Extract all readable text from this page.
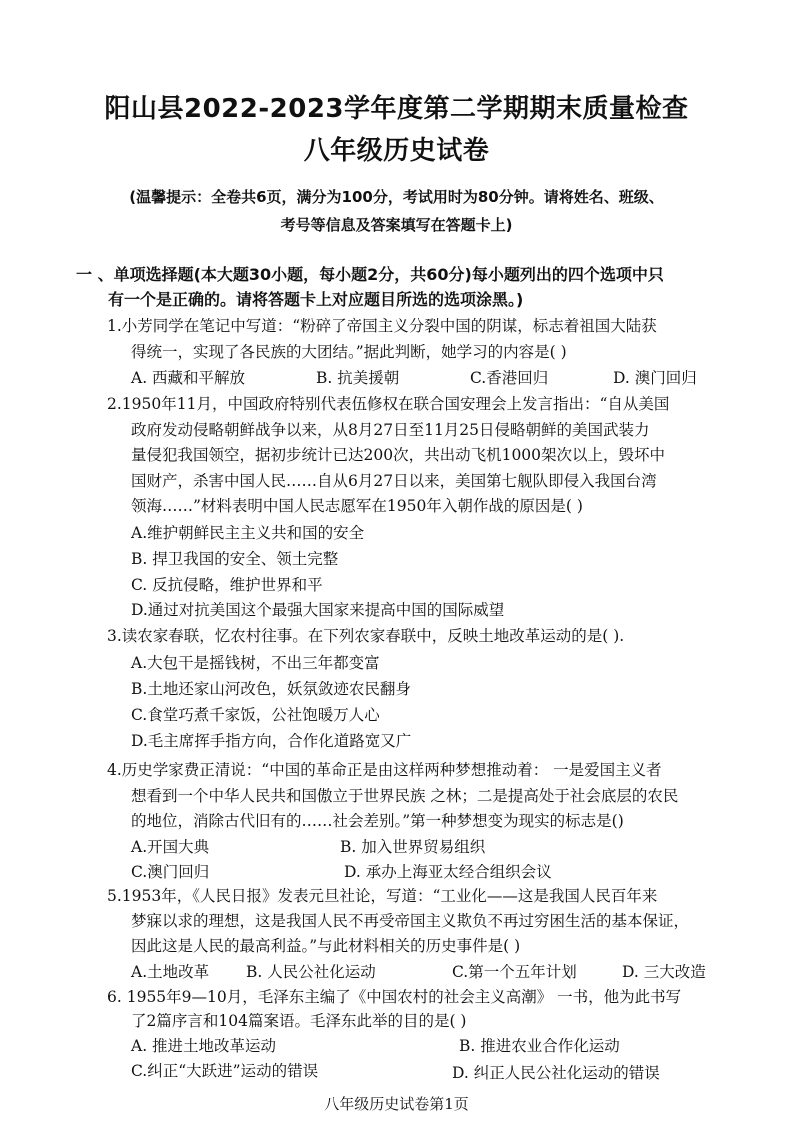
阳山县2022-2023学年度第二学期期末质量检查
八年级历史试卷
(温馨提示：全卷共6页，满分为100分，考试用时为80分钟。请将姓名、班级、
考号等信息及答案填写在答题卡上)
一 、单项选择题(本大题30小题，每小题2分，共60分)每小题列出的四个选项中只
有一个是正确的。请将答题卡上对应题目所选的选项涂黑。)
1.小芳同学在笔记中写道：“粉碎了帝国主义分裂中国的阴谋，标志着祖国大陆获
得统一，实现了各民族的大团结。”据此判断，她学习的内容是( )
A. 西藏和平解放	B. 抗美援朝	C.香港回归	D. 澳门回归
2.1950年11月，中国政府特别代表伍修权在联合国安理会上发言指出：“自从美国
政府发动侵略朝鲜战争以来，从8月27日至11月25日侵略朝鲜的美国武装力
量侵犯我国领空，据初步统计已达200次，共出动飞机1000架次以上，毁坏中
国财产，杀害中国人民……自从6月27日以来，美国第七舰队即侵入我国台湾
领海……”材料表明中国人民志愿军在1950年入朝作战的原因是( )
A.维护朝鲜民主主义共和国的安全
B. 捍卫我国的安全、领土完整
C. 反抗侵略，维护世界和平
D.通过对抗美国这个最强大国家来提高中国的国际威望
3.读农家春联，忆农村往事。在下列农家春联中，反映土地改革运动的是( ).
A.大包干是摇钱树，不出三年都变富
B.土地还家山河改色，妖氛敛迹农民翻身
C.食堂巧煮千家饭，公社饱暖万人心
D.毛主席挥手指方向，合作化道路宽又广
4.历史学家费正清说：“中国的革命正是由这样两种梦想推动着： 一是爱国主义者
想看到一个中华人民共和国傲立于世界民族 之林；二是提高处于社会底层的农民
的地位，消除古代旧有的……社会差别。”第一种梦想变为现实的标志是()
A.开国大典	B. 加入世界贸易组织
C.澳门回归	D. 承办上海亚太经合组织会议
5.1953年，《人民日报》发表元旦社论，写道：“工业化——这是我国人民百年来
梦寐以求的理想，这是我国人民不再受帝国主义欺负不再过穷困生活的基本保证，
因此这是人民的最高利益。”与此材料相关的历史事件是( )
A.土地改革 B. 人民公社化运动	C.第一个五年计划	D. 三大改造
6. 1955年9—10月，毛泽东主编了《中国农村的社会主义高潮》 一书，他为此书写
了2篇序言和104篇案语。毛泽东此举的目的是( )
A. 推进土地改革运动	B. 推进农业合作化运动
C.纠正“大跃进”运动的错误	D. 纠正人民公社化运动的错误
八年级历史试卷第1页
